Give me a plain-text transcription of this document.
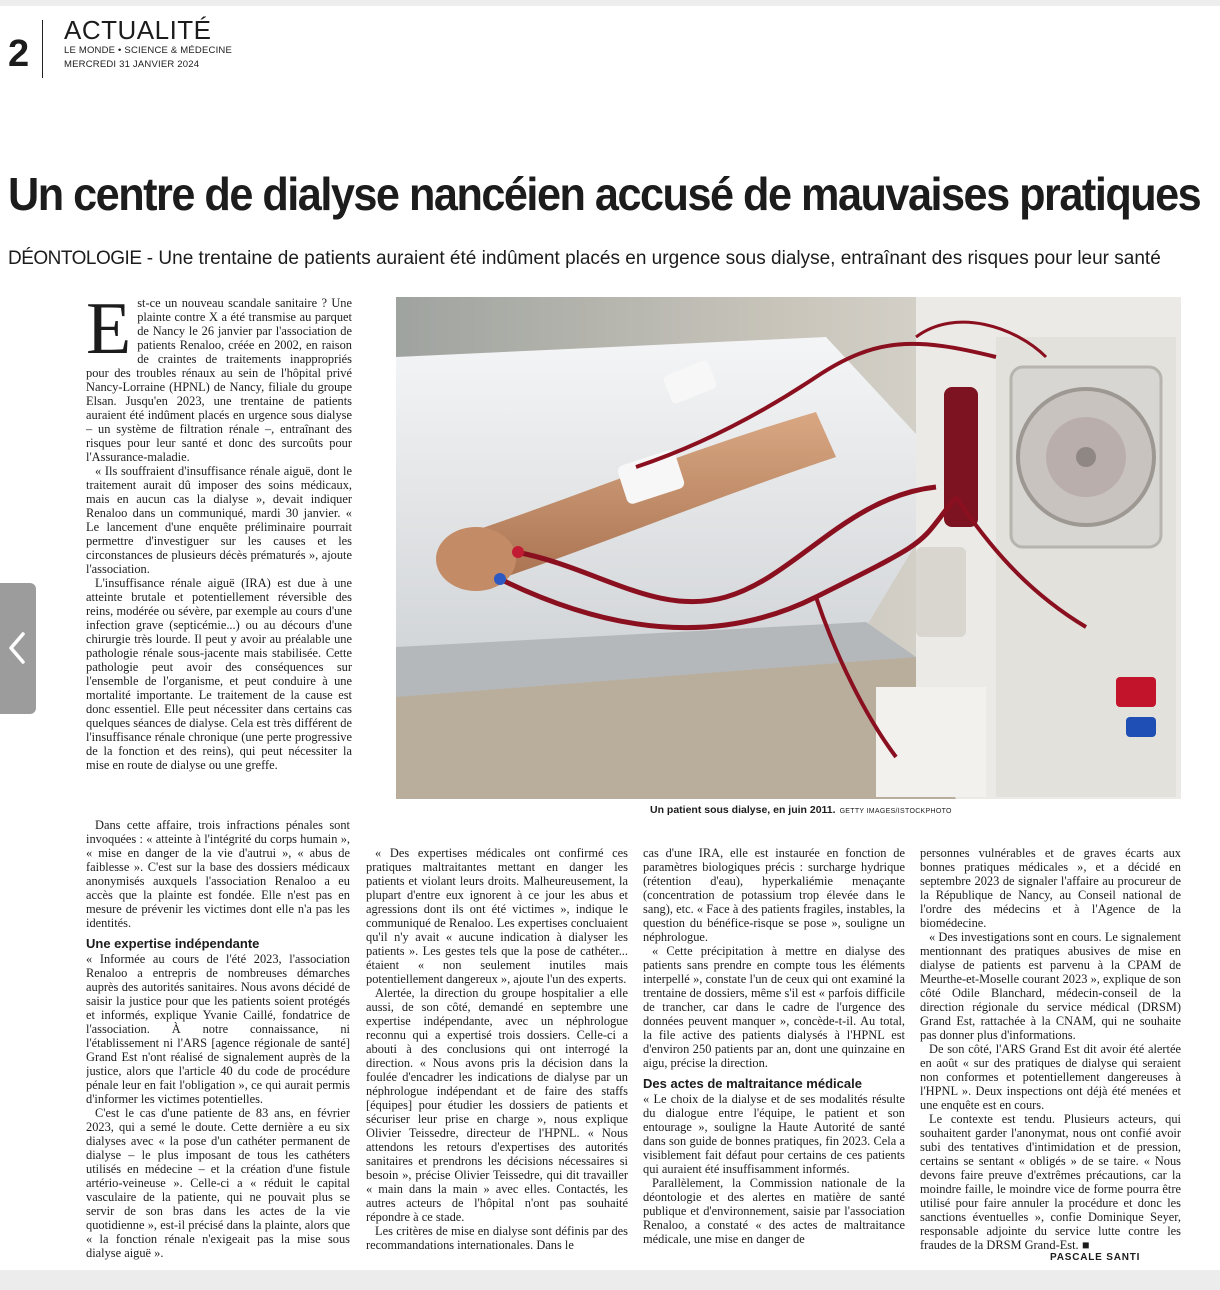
2
ACTUALITÉ
LE MONDE • SCIENCE & MÉDECINE
MERCREDI 31 JANVIER 2024
Un centre de dialyse nancéien accusé de mauvaises pratiques
DÉONTOLOGIE - Une trentaine de patients auraient été indûment placés en urgence sous dialyse, entraînant des risques pour leur santé
Un patient sous dialyse, en juin 2011. GETTY IMAGES/ISTOCKPHOTO

Est-ce un nouveau scandale sanitaire ? Une plainte contre X a été transmise au parquet de Nancy le 26 janvier par l'association de patients Renaloo, créée en 2002, en raison de craintes de traitements inappropriés pour des troubles rénaux au sein de l'hôpital privé Nancy-Lorraine (HPNL) de Nancy, filiale du groupe Elsan. Jusqu'en 2023, une trentaine de patients auraient été indûment placés en urgence sous dialyse – un système de filtration rénale –, entraînant des risques pour leur santé et donc des surcoûts pour l'Assurance-maladie.

« Ils souffraient d'insuffisance rénale aiguë, dont le traitement aurait dû imposer des soins médicaux, mais en aucun cas la dialyse », devait indiquer Renaloo dans un communiqué, mardi 30 janvier. « Le lancement d'une enquête préliminaire pourrait permettre d'investiguer sur les causes et les circonstances de plusieurs décès prématurés », ajoute l'association.

L'insuffisance rénale aiguë (IRA) est due à une atteinte brutale et potentiellement réversible des reins, modérée ou sévère, par exemple au cours d'une infection grave (septicémie...) ou au décours d'une chirurgie très lourde. Il peut y avoir au préalable une pathologie rénale sous-jacente mais stabilisée. Cette pathologie peut avoir des conséquences sur l'ensemble de l'organisme, et peut conduire à une mortalité importante. Le traitement de la cause est donc essentiel. Elle peut nécessiter dans certains cas quelques séances de dialyse. Cela est très différent de l'insuffisance rénale chronique (une perte progressive de la fonction et des reins), qui peut nécessiter la mise en route de dialyse ou une greffe.

Dans cette affaire, trois infractions pénales sont invoquées : « atteinte à l'intégrité du corps humain », « mise en danger de la vie d'autrui », « abus de faiblesse ». C'est sur la base des dossiers médicaux anonymisés auxquels l'association Renaloo a eu accès que la plainte est fondée. Elle n'est pas en mesure de prévenir les victimes dont elle n'a pas les identités.

Une expertise indépendante

« Informée au cours de l'été 2023, l'association Renaloo a entrepris de nombreuses démarches auprès des autorités sanitaires. Nous avons décidé de saisir la justice pour que les patients soient protégés et informés, explique Yvanie Caillé, fondatrice de l'association. À notre connaissance, ni l'établissement ni l'ARS [agence régionale de santé] Grand Est n'ont réalisé de signalement auprès de la justice, alors que l'article 40 du code de procédure pénale leur en fait l'obligation », ce qui aurait permis d'informer les victimes potentielles.

C'est le cas d'une patiente de 83 ans, en février 2023, qui a semé le doute. Cette dernière a eu six dialyses avec « la pose d'un cathéter permanent de dialyse – le plus imposant de tous les cathéters utilisés en médecine – et la création d'une fistule artério-veineuse ». Celle-ci a « réduit le capital vasculaire de la patiente, qui ne pouvait plus se servir de son bras dans les actes de la vie quotidienne », est-il précisé dans la plainte, alors que « la fonction rénale n'exigeait pas la mise sous dialyse aiguë ».

« Des expertises médicales ont confirmé ces pratiques maltraitantes mettant en danger les patients et violant leurs droits. Malheureusement, la plupart d'entre eux ignorent à ce jour les abus et agressions dont ils ont été victimes », indique le communiqué de Renaloo. Les expertises concluaient qu'il n'y avait « aucune indication à dialyser les patients ». Les gestes tels que la pose de cathéter... étaient « non seulement inutiles mais potentiellement dangereux », ajoute l'un des experts.

Alertée, la direction du groupe hospitalier a elle aussi, de son côté, demandé en septembre une expertise indépendante, avec un néphrologue reconnu qui a expertisé trois dossiers. Celle-ci a abouti à des conclusions qui ont interrogé la direction. « Nous avons pris la décision dans la foulée d'encadrer les indications de dialyse par un néphrologue indépendant et de faire des staffs [équipes] pour étudier les dossiers de patients et sécuriser leur prise en charge », nous explique Olivier Teissedre, directeur de l'HPNL. « Nous attendons les retours d'expertises des autorités sanitaires et prendrons les décisions nécessaires si besoin », précise Olivier Teissedre, qui dit travailler « main dans la main » avec elles. Contactés, les autres acteurs de l'hôpital n'ont pas souhaité répondre à ce stade.

Les critères de mise en dialyse sont définis par des recommandations internationales. Dans le

cas d'une IRA, elle est instaurée en fonction de paramètres biologiques précis : surcharge hydrique (rétention d'eau), hyperkaliémie menaçante (concentration de potassium trop élevée dans le sang), etc. « Face à des patients fragiles, instables, la question du bénéfice-risque se pose », souligne un néphrologue.

« Cette précipitation à mettre en dialyse des patients sans prendre en compte tous les éléments interpellé », constate l'un de ceux qui ont examiné la trentaine de dossiers, même s'il est « parfois difficile de trancher, car dans le cadre de l'urgence des données peuvent manquer », concède-t-il. Au total, la file active des patients dialysés à l'HPNL est d'environ 250 patients par an, dont une quinzaine en aigu, précise la direction.

Des actes de maltraitance médicale

« Le choix de la dialyse et de ses modalités résulte du dialogue entre l'équipe, le patient et son entourage », souligne la Haute Autorité de santé dans son guide de bonnes pratiques, fin 2023. Cela a visiblement fait défaut pour certains de ces patients qui auraient été insuffisamment informés.

Parallèlement, la Commission nationale de la déontologie et des alertes en matière de santé publique et d'environnement, saisie par l'association Renaloo, a constaté « des actes de maltraitance médicale, une mise en danger de

personnes vulnérables et de graves écarts aux bonnes pratiques médicales », et a décidé en septembre 2023 de signaler l'affaire au procureur de la République de Nancy, au Conseil national de l'ordre des médecins et à l'Agence de la biomédecine.

« Des investigations sont en cours. Le signalement mentionnant des pratiques abusives de mise en dialyse de patients est parvenu à la CPAM de Meurthe-et-Moselle courant 2023 », explique de son côté Odile Blanchard, médecin-conseil de la direction régionale du service médical (DRSM) Grand Est, rattachée à la CNAM, qui ne souhaite pas donner plus d'informations.

De son côté, l'ARS Grand Est dit avoir été alertée en août « sur des pratiques de dialyse qui seraient non conformes et potentiellement dangereuses à l'HPNL ». Deux inspections ont déjà été menées et une enquête est en cours.

Le contexte est tendu. Plusieurs acteurs, qui souhaitent garder l'anonymat, nous ont confié avoir subi des tentatives d'intimidation et de pression, certains se sentant « obligés » de se taire. « Nous devons faire preuve d'extrêmes précautions, car la moindre faille, le moindre vice de forme pourra être utilisé pour faire annuler la procédure et donc les sanctions éventuelles », confie Dominique Seyer, responsable adjointe du service lutte contre les fraudes de la DRSM Grand-Est. ■

PASCALE SANTI
